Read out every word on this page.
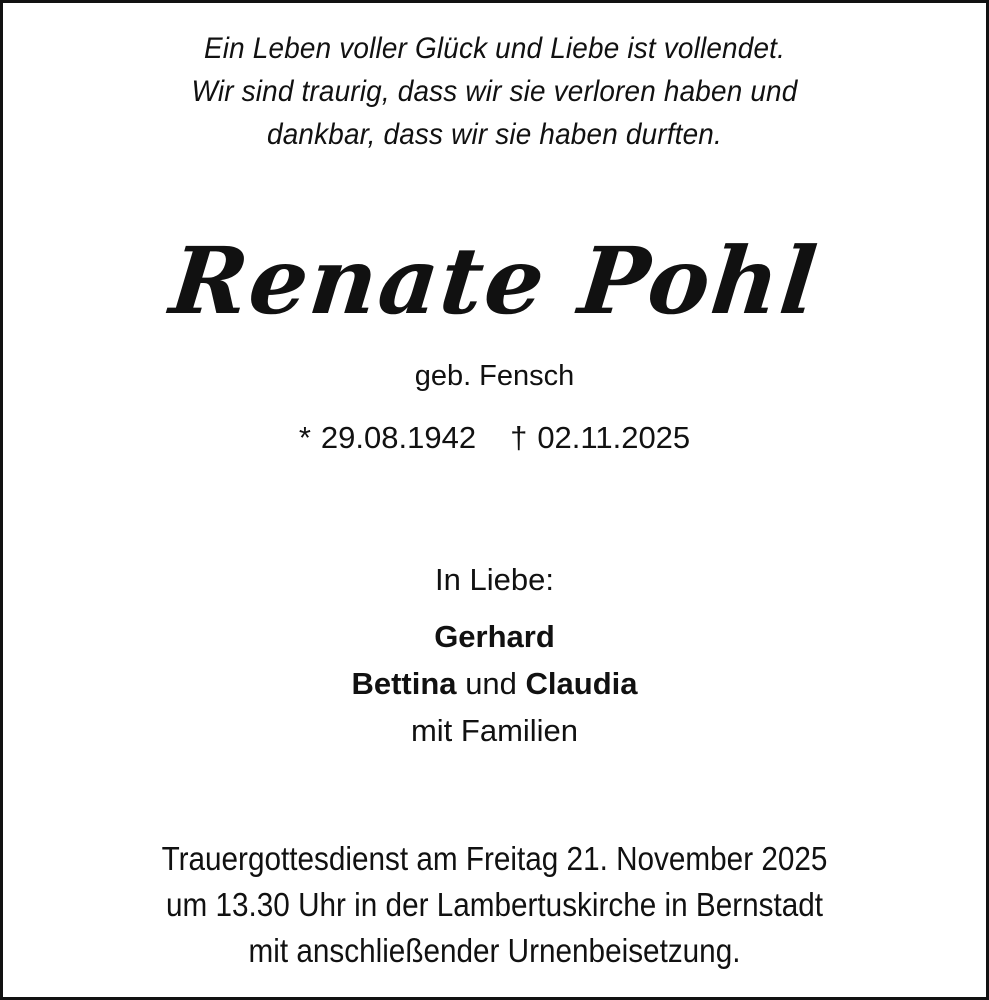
Ein Leben voller Glück und Liebe ist vollendet.
Wir sind traurig, dass wir sie verloren haben und
dankbar, dass wir sie haben durften.
Renate Pohl
geb. Fensch
* 29.08.1942 † 02.11.2025
In Liebe:
Gerhard
Bettina und Claudia
mit Familien
Trauergottesdienst am Freitag 21. November 2025
um 13.30 Uhr in der Lambertuskirche in Bernstadt
mit anschließender Urnenbeisetzung.
